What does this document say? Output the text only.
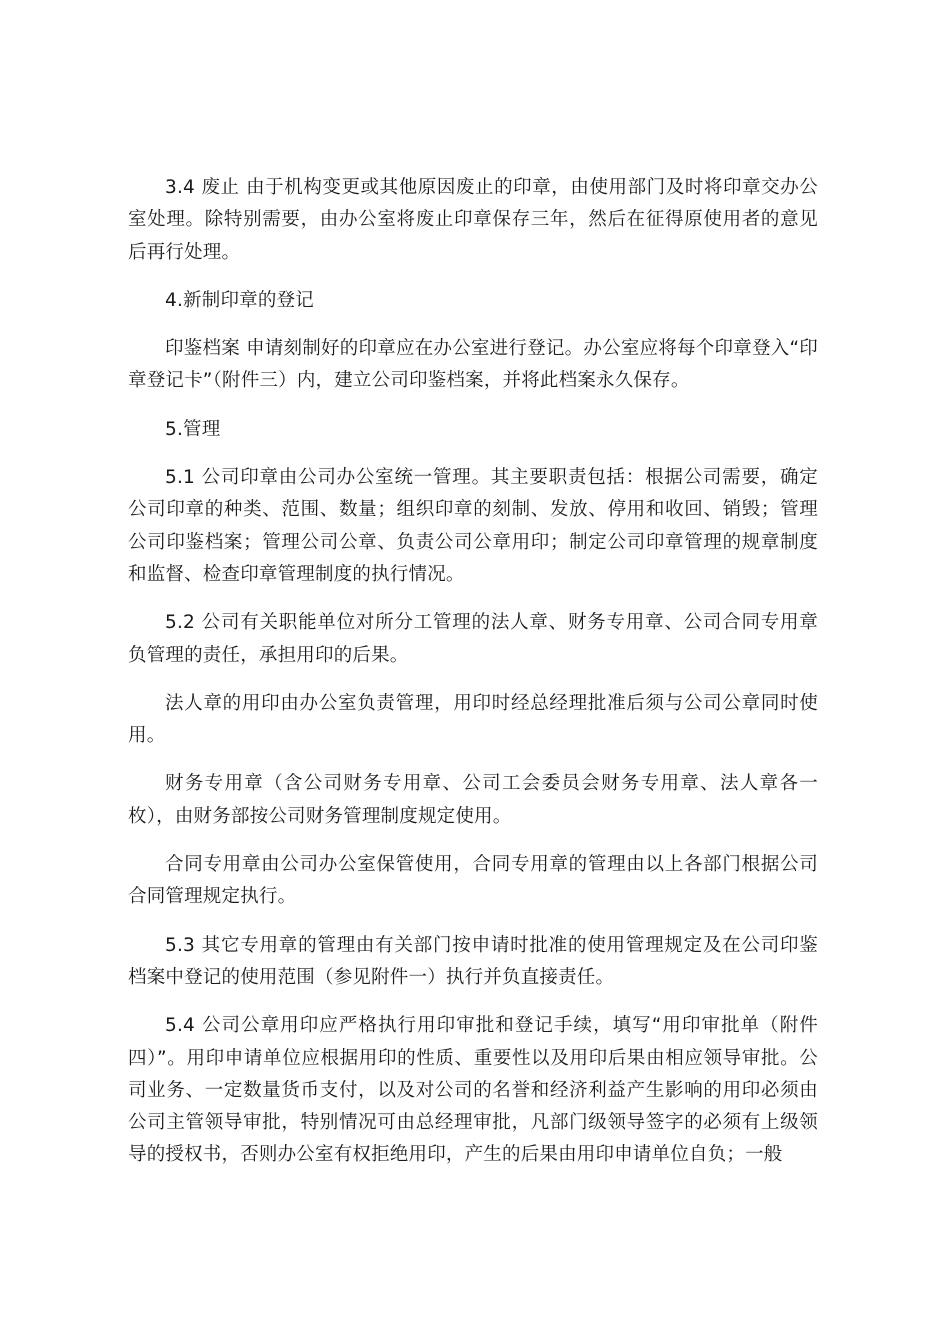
3.4 废止 由于机构变更或其他原因废止的印章，由使用部门及时将印章交办公室处理。除特别需要，由办公室将废止印章保存三年，然后在征得原使用者的意见后再行处理。

4.新制印章的登记

印鉴档案 申请刻制好的印章应在办公室进行登记。办公室应将每个印章登入“印章登记卡”（附件三）内，建立公司印鉴档案，并将此档案永久保存。

5.管理

5.1 公司印章由公司办公室统一管理。其主要职责包括：根据公司需要，确定公司印章的种类、范围、数量；组织印章的刻制、发放、停用和收回、销毁；管理公司印鉴档案；管理公司公章、负责公司公章用印；制定公司印章管理的规章制度和监督、检查印章管理制度的执行情况。

5.2 公司有关职能单位对所分工管理的法人章、财务专用章、公司合同专用章负管理的责任，承担用印的后果。

法人章的用印由办公室负责管理，用印时经总经理批准后须与公司公章同时使用。

财务专用章（含公司财务专用章、公司工会委员会财务专用章、法人章各一枚），由财务部按公司财务管理制度规定使用。

合同专用章由公司办公室保管使用，合同专用章的管理由以上各部门根据公司合同管理规定执行。

5.3 其它专用章的管理由有关部门按申请时批准的使用管理规定及在公司印鉴档案中登记的使用范围（参见附件一）执行并负直接责任。

5.4 公司公章用印应严格执行用印审批和登记手续，填写“用印审批单（附件四）”。用印申请单位应根据用印的性质、重要性以及用印后果由相应领导审批。公司业务、一定数量货币支付，以及对公司的名誉和经济利益产生影响的用印必须由公司主管领导审批，特别情况可由总经理审批，凡部门级领导签字的必须有上级领导的授权书，否则办公室有权拒绝用印，产生的后果由用印申请单位自负；一般
